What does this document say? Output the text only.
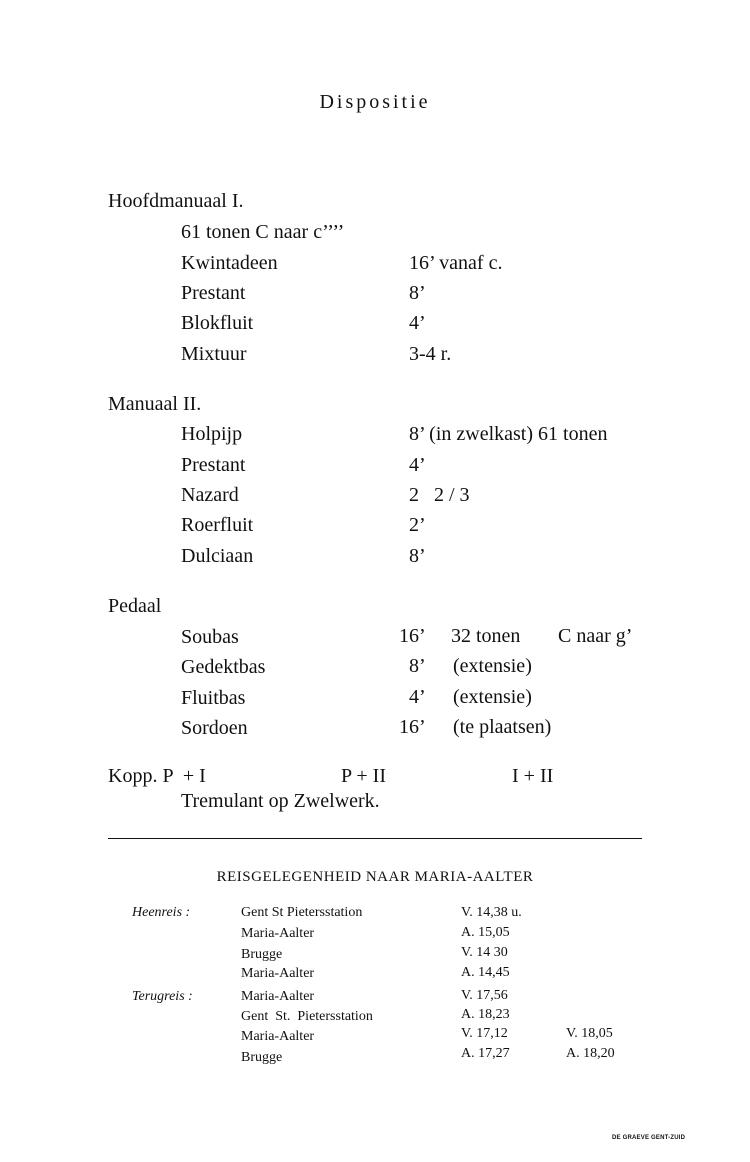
Dispositie
Hoofdmanuaal I.
61 tonen C naar c’’’’
Kwintadeen	16’ vanaf c.
Prestant	8’
Blokfluit	4’
Mixtuur	3-4 r.
Manuaal II.
Holpijp	8’ (in zwelkast) 61 tonen
Prestant	4’
Nazard	2   2 / 3
Roerfluit	2’
Dulciaan	8’
Pedaal
Soubas	16’ 32 tonen C naar g’
Gedektbas	8’ (extensie)
Fluitbas	4’ (extensie)
Sordoen	16’ (te plaatsen)
Kopp. P  + I	P + II	I + II
Tremulant op Zwelwerk.
REISGELEGENHEID NAAR MARIA-AALTER
Heenreis :	Gent St Pietersstation	V. 14,38 u.
Maria-Aalter	A. 15,05
Brugge	V. 14 30
Maria-Aalter	A. 14,45
Terugreis :	Maria-Aalter	V. 17,56
Gent  St.  Pietersstation	A. 18,23
Maria-Aalter	V. 17,12	V. 18,05
Brugge	A. 17,27	A. 18,20
DE GRAEVE GENT-ZUID
